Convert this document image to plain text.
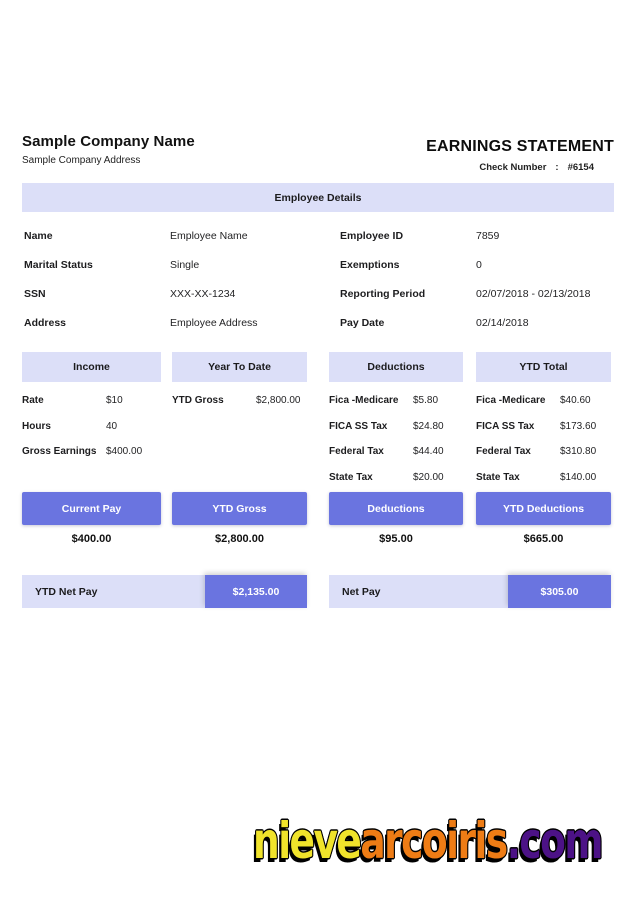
Sample Company Name
Sample Company Address
EARNINGS STATEMENT
Check Number : #6154
Employee Details
Name	Employee Name	Employee ID	7859
Marital Status	Single	Exemptions	0
SSN	XXX-XX-1234	Reporting Period	02/07/2018 - 02/13/2018
Address	Employee Address	Pay Date	02/14/2018
Income
Rate	$10
Hours	40
Gross Earnings $400.00
Year To Date
YTD Gross	$2,800.00
Deductions
Fica -Medicare	$5.80
FICA SS Tax	$24.80
Federal Tax	$44.40
State Tax	$20.00
YTD Total
Fica -Medicare	$40.60
FICA SS Tax	$173.60
Federal Tax	$310.80
State Tax	$140.00
Current Pay	YTD Gross	Deductions	YTD Deductions
$400.00	$2,800.00	$95.00	$665.00
YTD Net Pay	$2,135.00	Net Pay	$305.00
nievearcoiris.com
